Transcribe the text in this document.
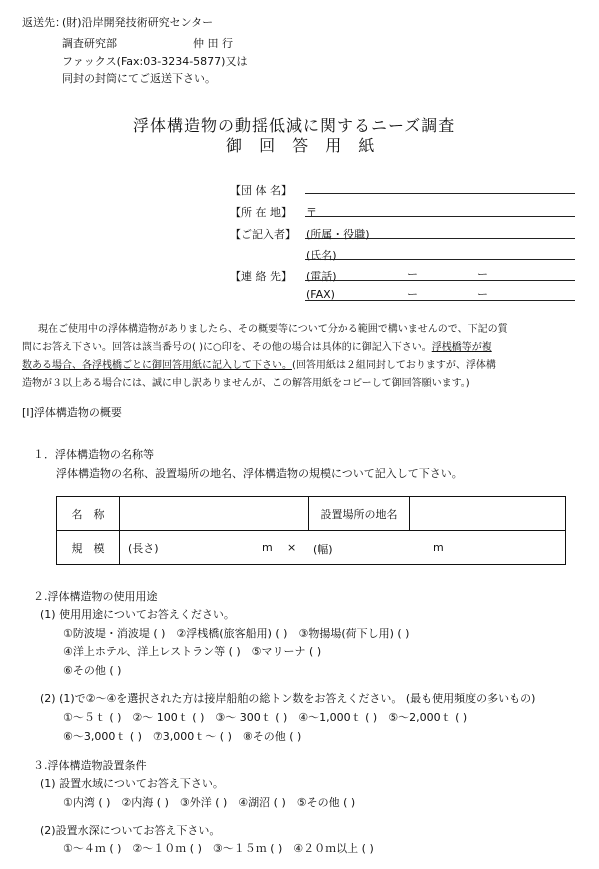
返送先：
(財)沿岸開発技術研究センター
調査研究部	仲 田 行
ファックス(Fax:03-3234-5877)又は
同封の封筒にてご返送下さい。
浮体構造物の動揺低減に関するニーズ調査
御 回 答 用 紙
【団 体 名】
【所 在 地】 〒
【ご記入者】 (所属・役職)
(氏名)
【連 絡 先】 (電話)	ー	ー
(FAX)	ー	ー
現在ご使用中の浮体構造物がありましたら、その概要等について分かる範囲で構いませんので、下記の質
問にお答え下さい。回答は該当番号の( )に○印を、その他の場合は具体的に御記入下さい。浮桟橋等が複
数ある場合、各浮桟橋ごとに御回答用紙に記入して下さい。(回答用紙は２組同封しておりますが、浮体構
造物が３以上ある場合には、誠に申し訳ありませんが、この解答用紙をコピーして御回答願います。)
[Ⅰ]浮体構造物の概要
１．浮体構造物の名称等
浮体構造物の名称、設置場所の地名、浮体構造物の規模について記入して下さい。
名　称		設置場所の地名	
規　模	(長さ) m × (幅) m		
２.浮体構造物の使用用途
(1) 使用用途についてお答えください。
①防波堤・消波堤 ( )　②浮桟橋(旅客船用) ( )　③物揚場(荷下し用) ( )
④洋上ホテル、洋上レストラン等 ( )　⑤マリーナ ( )
⑥その他 ( )
(2) (1)で②～④を選択された方は接岸船舶の総トン数をお答えください。 (最も使用頻度の多いもの)
①～５ｔ ( )　②～ 100ｔ ( )　③～ 300ｔ ( )　④～1,000ｔ ( )　⑤～2,000ｔ ( )
⑥～3,000ｔ ( )　⑦3,000ｔ～ ( )　⑧その他 ( )
３.浮体構造物設置条件
(1) 設置水域についてお答え下さい。
①内湾 ( )　②内海 ( )　③外洋 ( )　④湖沼 ( )　⑤その他 ( )
(2)設置水深についてお答え下さい。
①～４ｍ ( )　②～１０ｍ ( )　③～１５ｍ ( )　④２０ｍ以上 ( )
